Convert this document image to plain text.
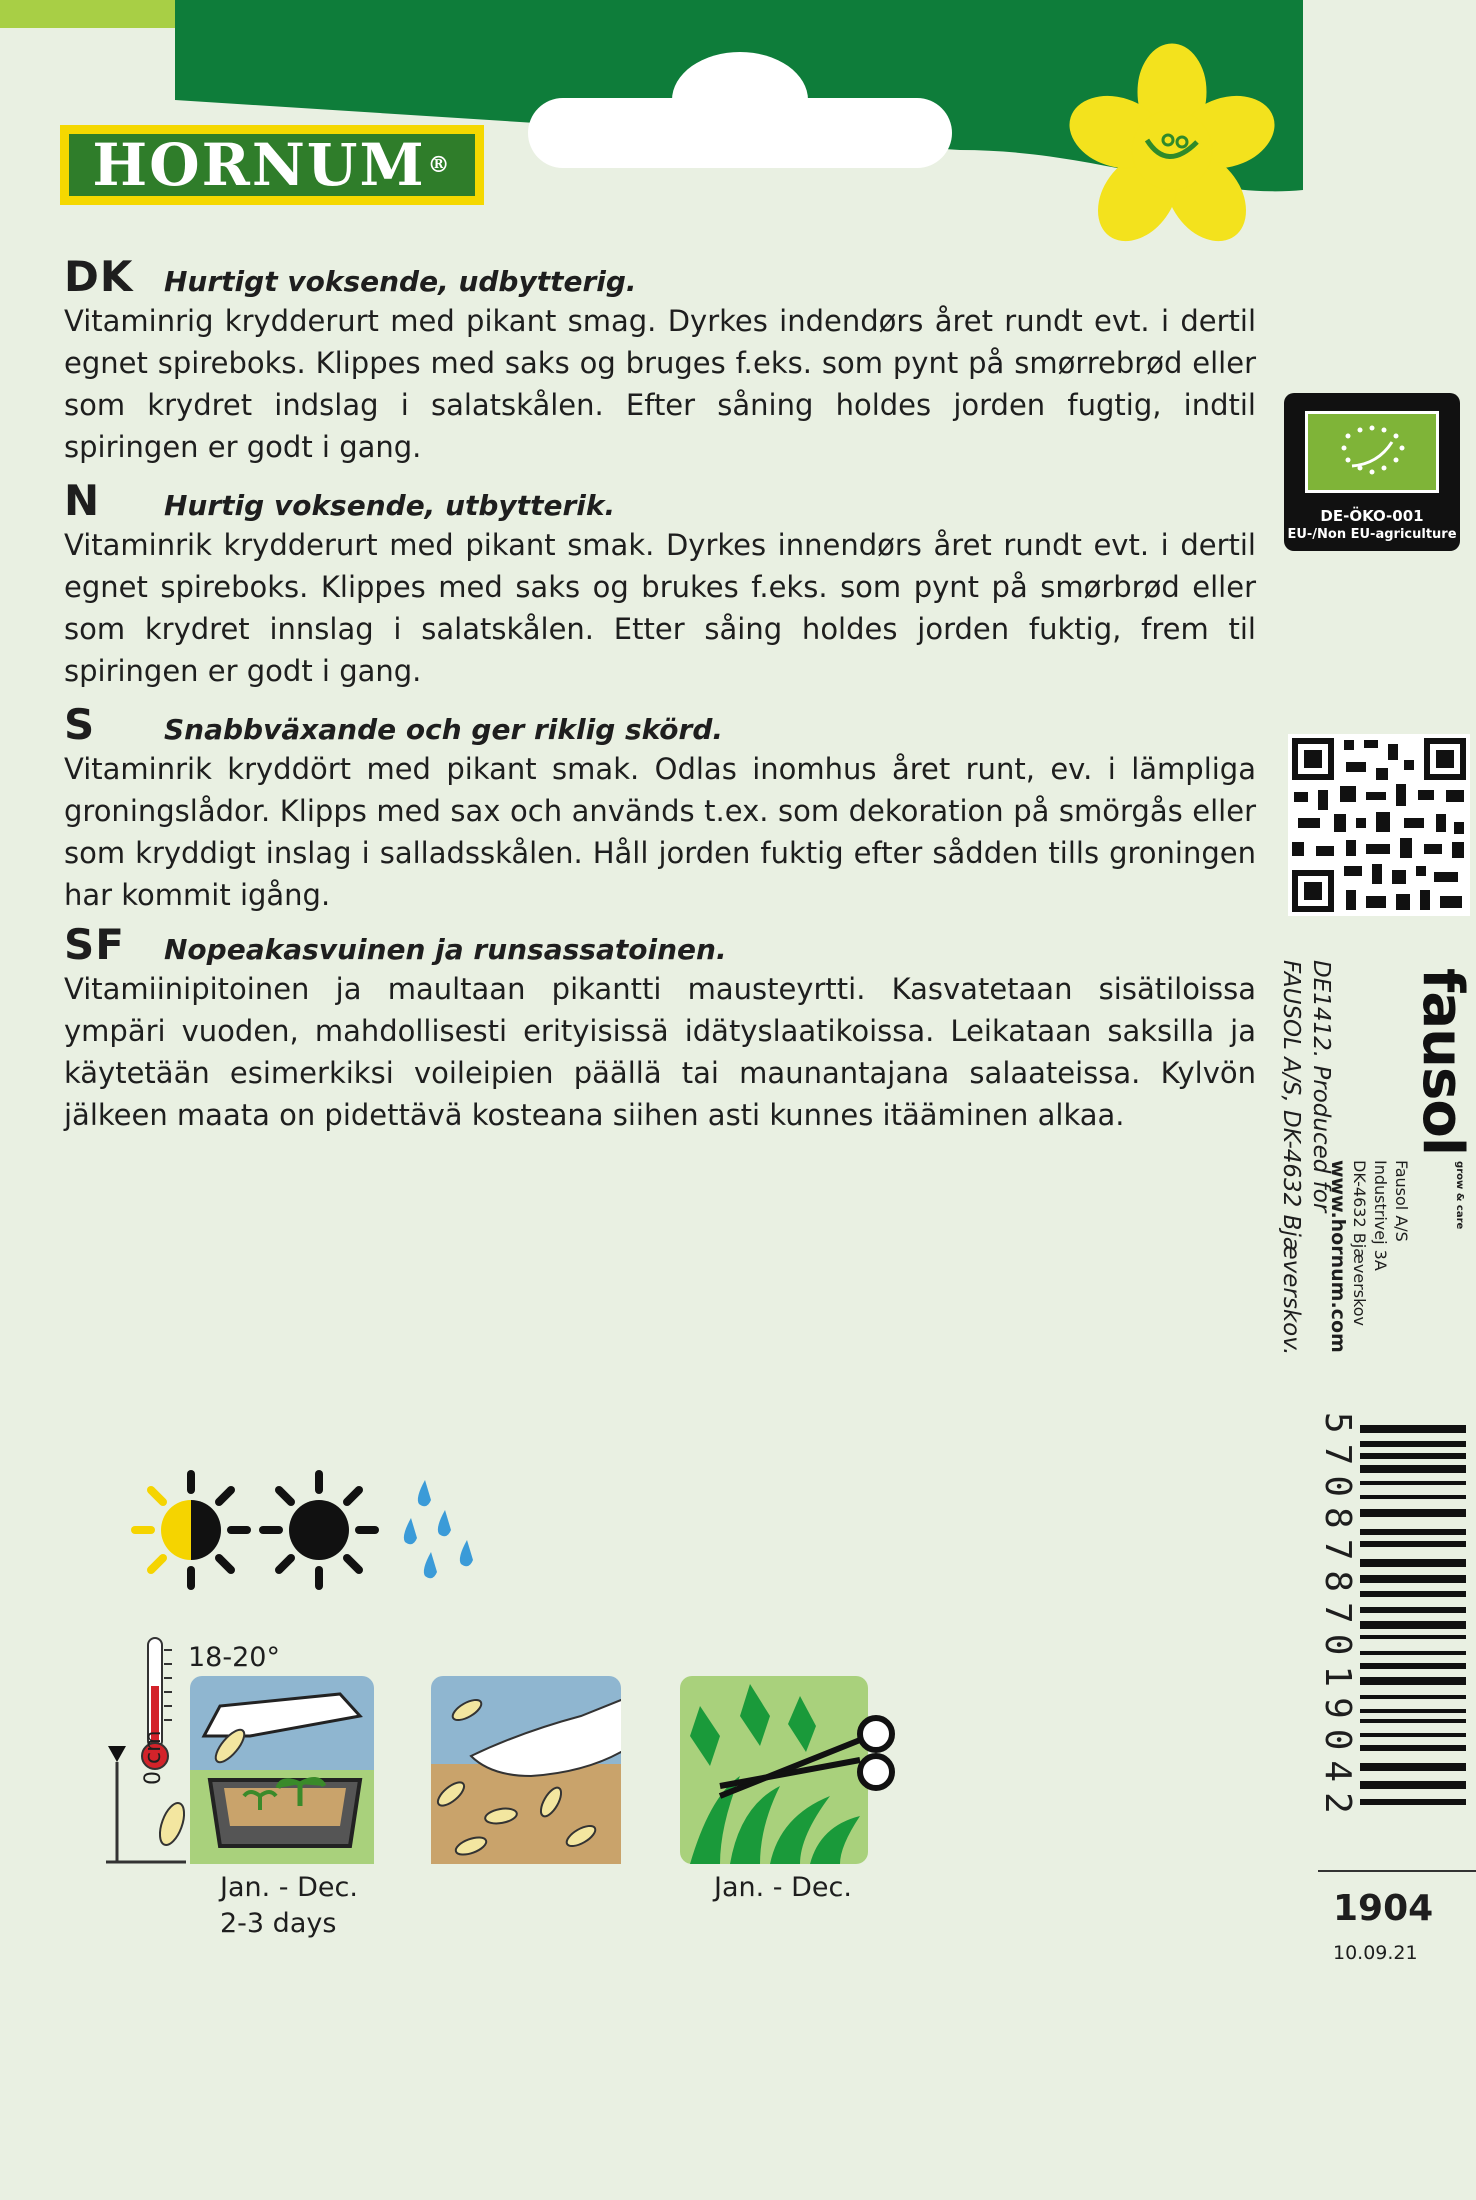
HORNUM ®
DK	Hurtigt voksende, udbytterig.

Vitaminrig krydderurt med pikant smag. Dyrkes indendørs året rundt evt. i dertil egnet spireboks. Klippes med saks og bruges f.eks. som pynt på smørrebrød eller som krydret indslag i salatskålen. Efter såning holdes jorden fugtig, indtil spiringen er godt i gang.

N	Hurtig voksende, utbytterik.

Vitaminrik krydderurt med pikant smak. Dyrkes innendørs året rundt evt. i dertil egnet spireboks. Klippes med saks og brukes f.eks. som pynt på smørbrød eller som krydret innslag i salatskålen. Etter såing holdes jorden fuktig, frem til spiringen er godt i gang.

S	Snabbväxande och ger riklig skörd.

Vitaminrik kryddört med pikant smak. Odlas inomhus året runt, ev. i lämpliga groningslådor. Klipps med sax och används t.ex. som dekoration på smörgås eller som kryddigt inslag i salladsskålen. Håll jorden fuktig efter sådden tills groningen har kommit igång.

SF	Nopeakasvuinen ja runsassatoinen.

Vitamiinipitoinen ja maultaan pikantti mausteyrtti. Kasvatetaan sisätiloissa ympäri vuoden, mahdollisesti erityisissä idätyslaatikoissa. Leikataan saksilla ja käytetään esimerkiksi voileipien päällä tai maunantajana salaateissa. Kylvön jälkeen maata on pidettävä kosteana siihen asti kunnes itääminen alkaa.

DE-ÖKO-001
EU-/Non EU-agriculture
DE1412. Produced for
FAUSOL A/S, DK-4632 Bjæverskov. fausol
grow & care
Fausol A/S
Industrivej 3A
DK-4632 Bjæverskov
www.hornum.com
5708787019042
1904
10.09.21
18-20°
0 cm
Jan. - Dec.
2-3 days
Jan. - Dec.
